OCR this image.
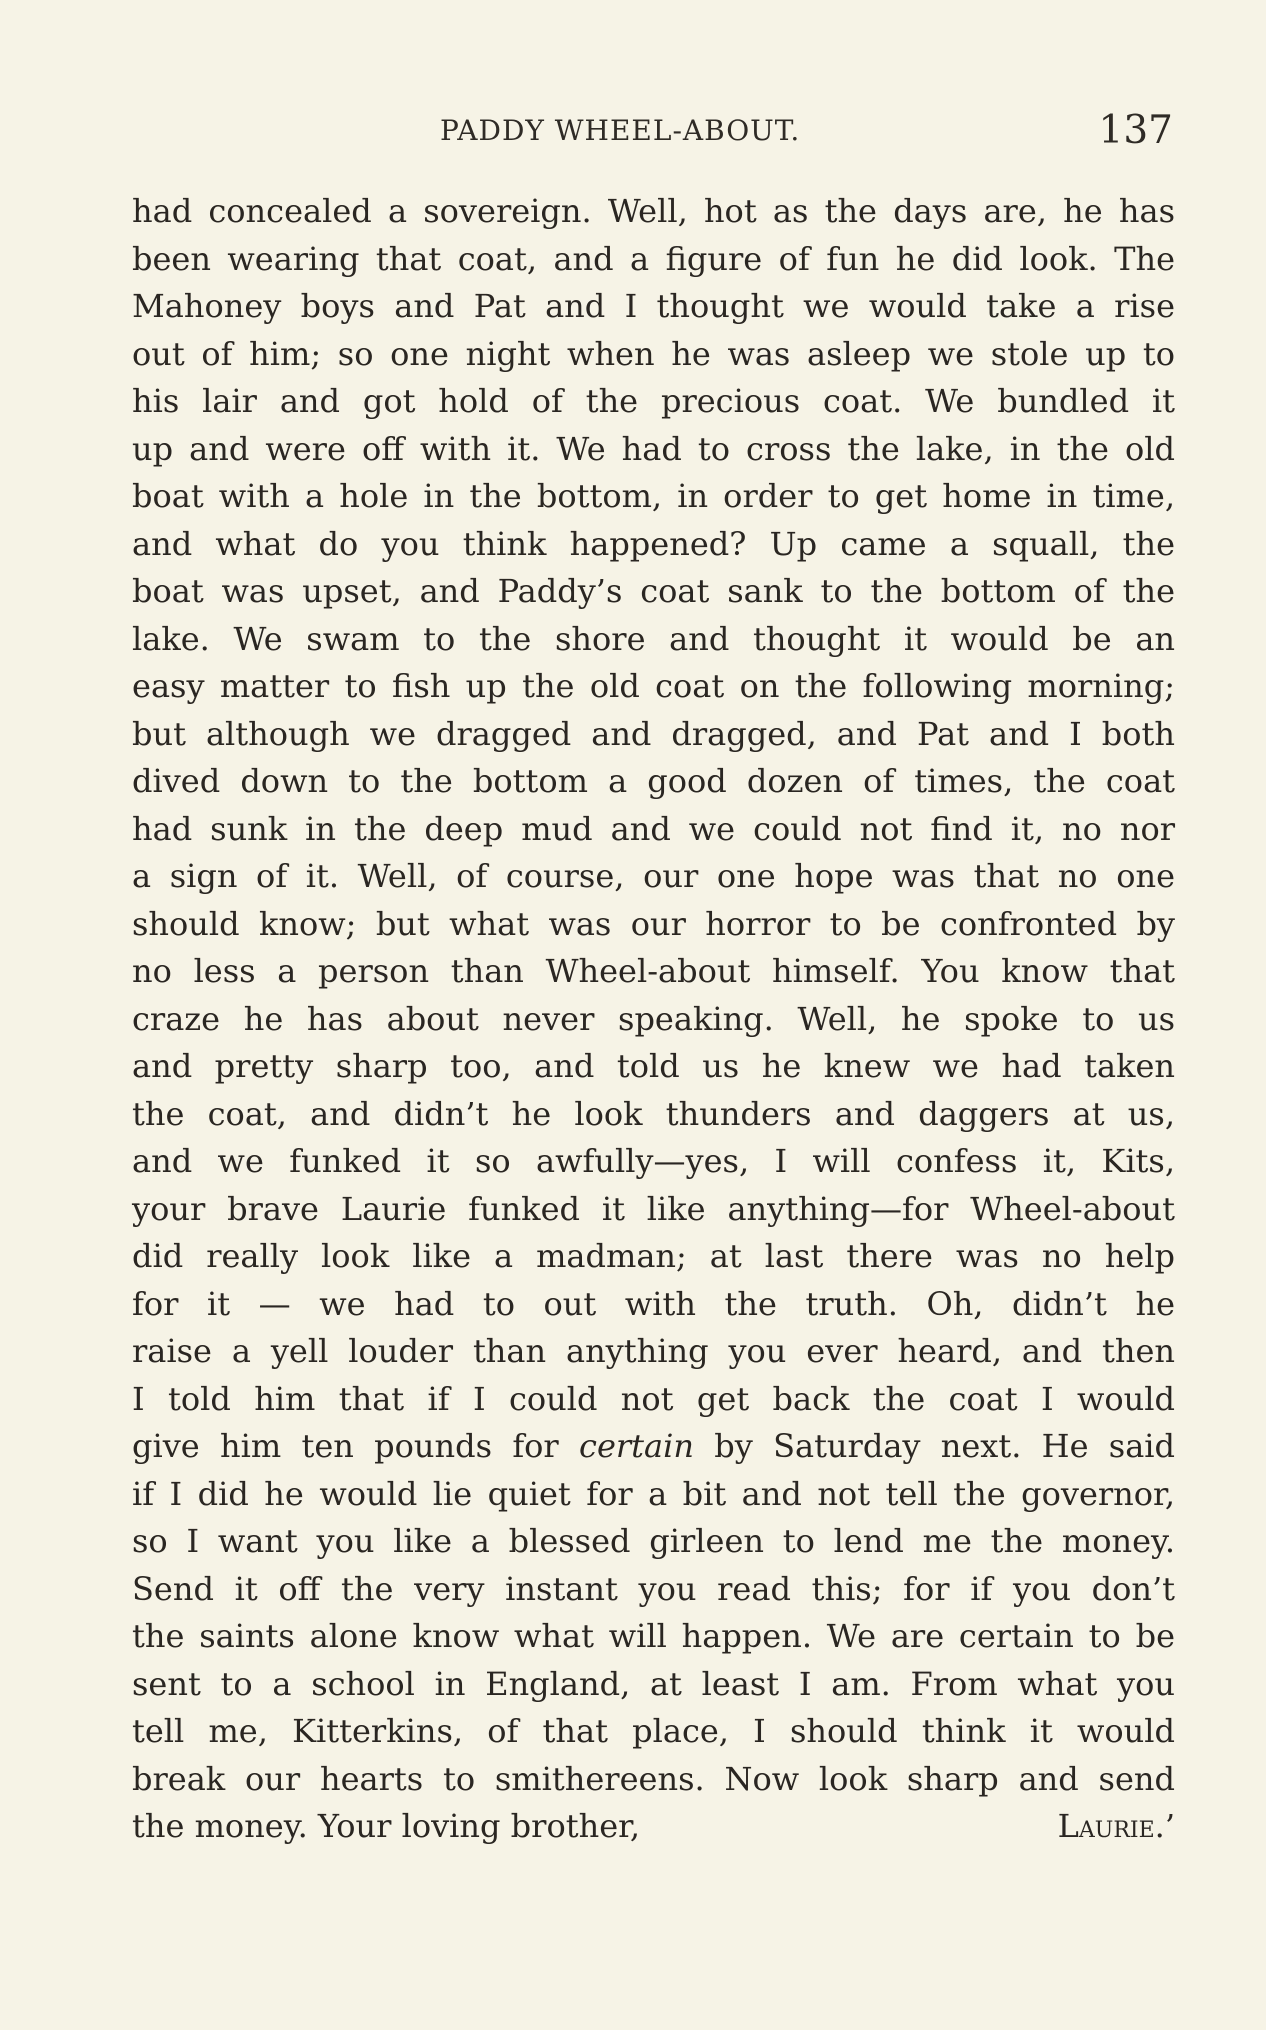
PADDY WHEEL-ABOUT.	137
had concealed a sovereign. Well, hot as the days are, he has
been wearing that coat, and a figure of fun he did look. The
Mahoney boys and Pat and I thought we would take a rise
out of him; so one night when he was asleep we stole up to
his lair and got hold of the precious coat. We bundled it
up and were off with it. We had to cross the lake, in the old
boat with a hole in the bottom, in order to get home in time,
and what do you think happened? Up came a squall, the
boat was upset, and Paddy’s coat sank to the bottom of the
lake. We swam to the shore and thought it would be an
easy matter to fish up the old coat on the following morning;
but although we dragged and dragged, and Pat and I both
dived down to the bottom a good dozen of times, the coat
had sunk in the deep mud and we could not find it, no nor
a sign of it. Well, of course, our one hope was that no one
should know; but what was our horror to be confronted by
no less a person than Wheel-about himself. You know that
craze he has about never speaking. Well, he spoke to us
and pretty sharp too, and told us he knew we had taken
the coat, and didn’t he look thunders and daggers at us,
and we funked it so awfully—yes, I will confess it, Kits,
your brave Laurie funked it like anything—for Wheel-about
did really look like a madman; at last there was no help
for it — we had to out with the truth. Oh, didn’t he
raise a yell louder than anything you ever heard, and then
I told him that if I could not get back the coat I would
give him ten pounds for certain by Saturday next. He said
if I did he would lie quiet for a bit and not tell the governor,
so I want you like a blessed girleen to lend me the money.
Send it off the very instant you read this; for if you don’t
the saints alone know what will happen. We are certain to be
sent to a school in England, at least I am. From what you
tell me, Kitterkins, of that place, I should think it would
break our hearts to smithereens. Now look sharp and send
the money. Your loving brother,	Laurie.’
